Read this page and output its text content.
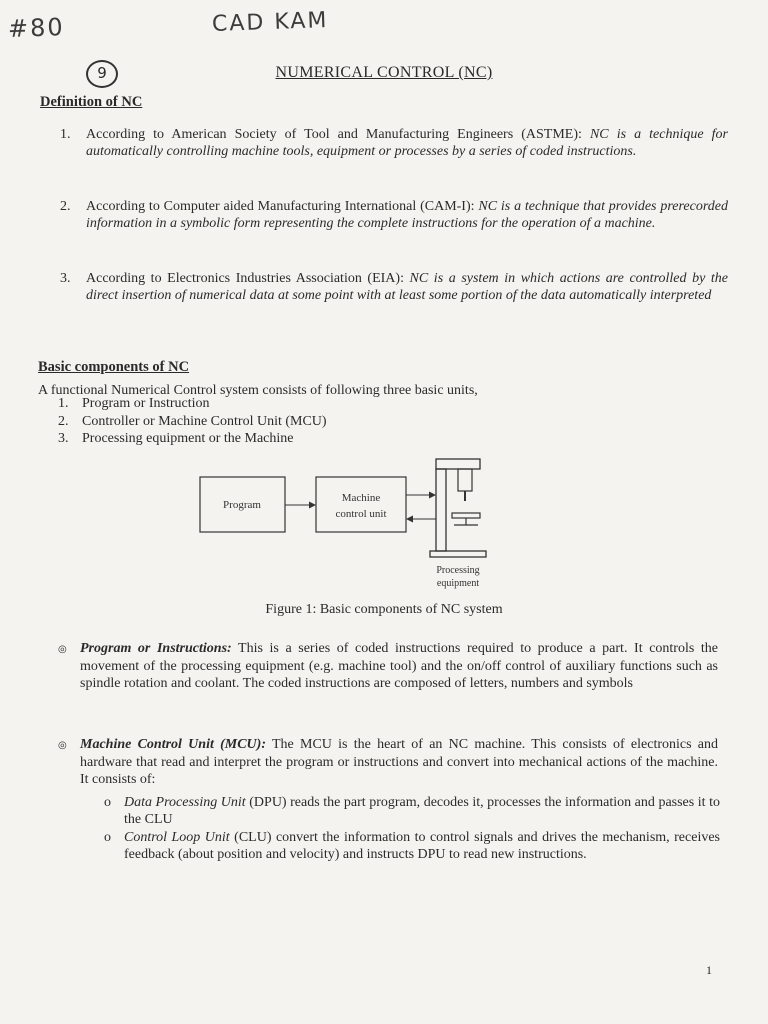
#80	CAD KAM
9	NUMERICAL CONTROL (NC)
Definition of NC
1. According to American Society of Tool and Manufacturing Engineers (ASTME): NC is a technique for automatically controlling machine tools, equipment or processes by a series of coded instructions.
2. According to Computer aided Manufacturing International (CAM-I): NC is a technique that provides prerecorded information in a symbolic form representing the complete instructions for the operation of a machine.
3. According to Electronics Industries Association (EIA): NC is a system in which actions are controlled by the direct insertion of numerical data at some point with at least some portion of the data automatically interpreted
Basic components of NC
A functional Numerical Control system consists of following three basic units,
1. Program or Instruction
2. Controller or Machine Control Unit (MCU)
3. Processing equipment or the Machine
Program
Machine
control unit
Processing
equipment
Figure 1: Basic components of NC system
◎ Program or Instructions: This is a series of coded instructions required to produce a part. It controls the movement of the processing equipment (e.g. machine tool) and the on/off control of auxiliary functions such as spindle rotation and coolant. The coded instructions are composed of letters, numbers and symbols
◎ Machine Control Unit (MCU): The MCU is the heart of an NC machine. This consists of electronics and hardware that read and interpret the program or instructions and convert into mechanical actions of the machine. It consists of:
o Data Processing Unit (DPU) reads the part program, decodes it, processes the information and passes it to the CLU
o Control Loop Unit (CLU) convert the information to control signals and drives the mechanism, receives feedback (about position and velocity) and instructs DPU to read new instructions.
1
